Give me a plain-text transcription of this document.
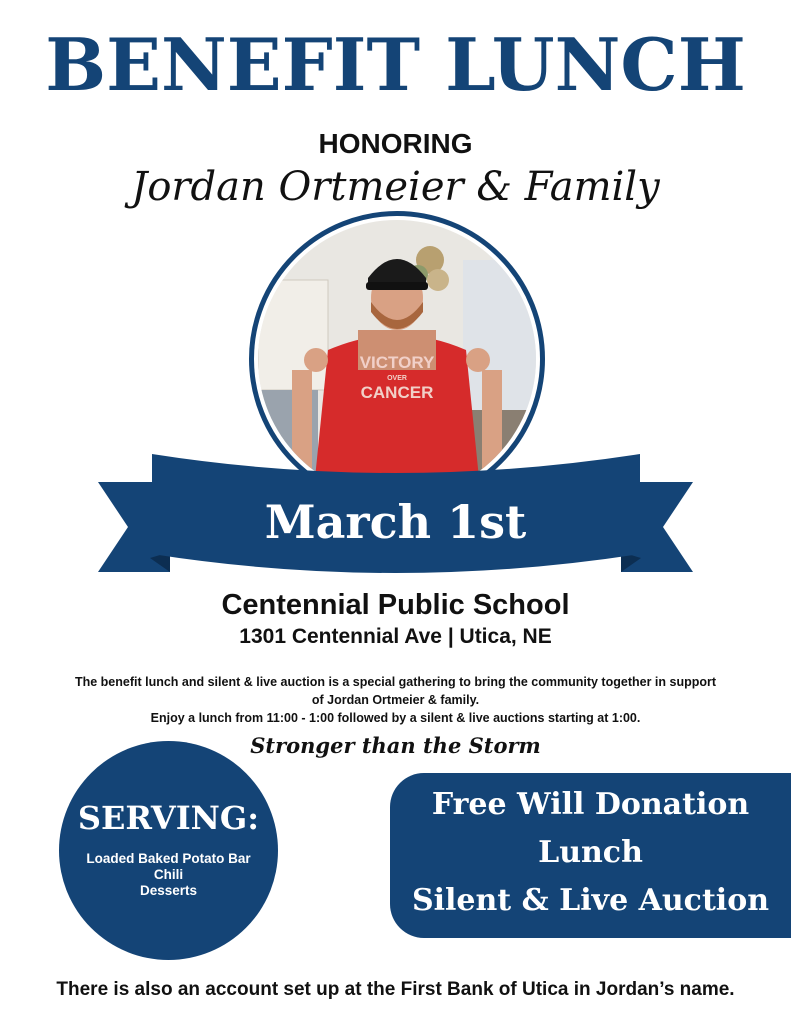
BENEFIT LUNCH
HONORING
Jordan Ortmeier & Family
VICTORY
OVER
CANCER
March 1st
Centennial Public School
1301 Centennial Ave | Utica, NE
The benefit lunch and silent & live auction is a special gathering to bring the community together in support
of Jordan Ortmeier & family.
Enjoy a lunch from 11:00 - 1:00 followed by a silent & live auctions starting at 1:00.
Stronger than the Storm
SERVING:
Loaded Baked Potato Bar
Chili
Desserts
Free Will Donation
Lunch
Silent & Live Auction
There is also an account set up at the First Bank of Utica in Jordan’s name.
